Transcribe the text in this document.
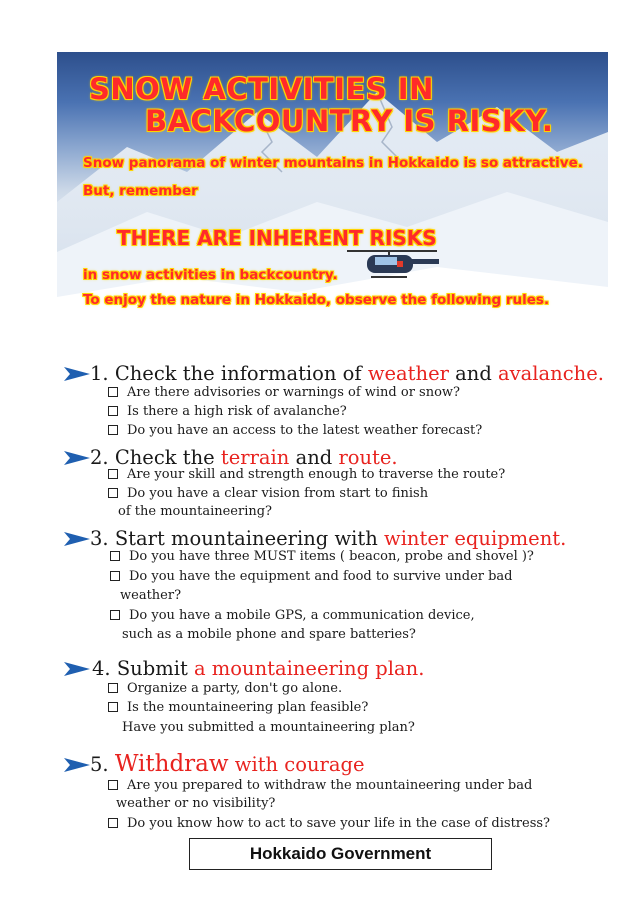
SNOW ACTIVITIES IN

BACKCOUNTRY IS RISKY.

Snow panorama of winter mountains in Hokkaido is so attractive.

But, remember

THERE ARE INHERENT RISKS

in snow activities in backcountry.

To enjoy the nature in Hokkaido, observe the following rules.

1. Check the information of weather and avalanche.
Are there advisories or warnings of wind or snow?
Is there a high risk of avalanche?
Do you have an access to the latest weather forecast?
2. Check the terrain and route.
Are your skill and strength enough to traverse the route?
Do you have a clear vision from start to finish
of the mountaineering?
3. Start mountaineering with winter equipment.
Do you have three MUST items ( beacon, probe and shovel )?
Do you have the equipment and food to survive under bad
weather?
Do you have a mobile GPS, a communication device,
such as a mobile phone and spare batteries?
4. Submit a mountaineering plan.
Organize a party, don't go alone.
Is the mountaineering plan feasible?
Have you submitted a mountaineering plan?
5. Withdraw with courage
Are you prepared to withdraw the mountaineering under bad
weather or no visibility?
Do you know how to act to save your life in the case of distress?
Hokkaido Government
